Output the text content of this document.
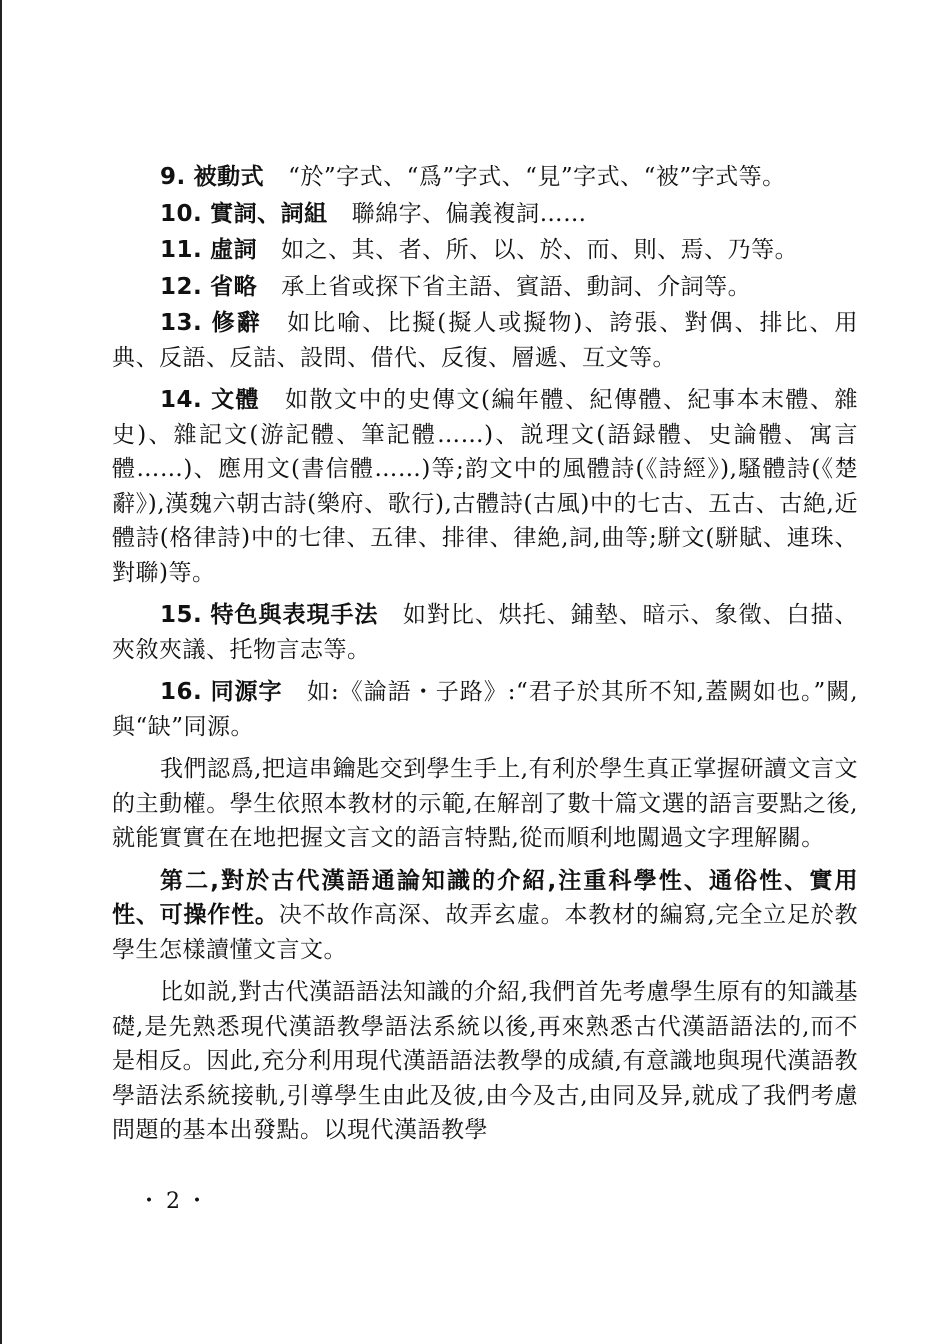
9. 被動式 “於”字式、“爲”字式、“見”字式、“被”字式等。

10. 實詞、詞組 聯綿字、偏義複詞……

11. 虛詞 如之、其、者、所、以、於、而、則、焉、乃等。

12. 省略 承上省或探下省主語、賓語、動詞、介詞等。

13. 修辭 如比喻、比擬(擬人或擬物)、誇張、對偶、排比、用典、反語、反詰、設問、借代、反復、層遞、互文等。

14. 文體 如散文中的史傳文(編年體、紀傳體、紀事本末體、雜史)、雜記文(游記體、筆記體……)、説理文(語録體、史論體、寓言體……)、應用文(書信體……)等;韵文中的風體詩(《詩經》),騷體詩(《楚辭》),漢魏六朝古詩(樂府、歌行),古體詩(古風)中的七古、五古、古絶,近體詩(格律詩)中的七律、五律、排律、律絶,詞,曲等;駢文(駢賦、連珠、對聯)等。

15. 特色與表現手法 如對比、烘托、鋪墊、暗示、象徵、白描、夾敘夾議、托物言志等。

16. 同源字 如:《論語・子路》:“君子於其所不知,蓋闕如也。”闕,與“缺”同源。

我們認爲,把這串鑰匙交到學生手上,有利於學生真正掌握研讀文言文的主動權。學生依照本教材的示範,在解剖了數十篇文選的語言要點之後,就能實實在在地把握文言文的語言特點,從而順利地闖過文字理解關。

第二,對於古代漢語通論知識的介紹,注重科學性、通俗性、實用性、可操作性。决不故作高深、故弄玄虛。本教材的編寫,完全立足於教學生怎樣讀懂文言文。

比如説,對古代漢語語法知識的介紹,我們首先考慮學生原有的知識基礎,是先熟悉現代漢語教學語法系統以後,再來熟悉古代漢語語法的,而不是相反。因此,充分利用現代漢語語法教學的成績,有意識地與現代漢語教學語法系統接軌,引導學生由此及彼,由今及古,由同及异,就成了我們考慮問題的基本出發點。以現代漢語教學

・2・
